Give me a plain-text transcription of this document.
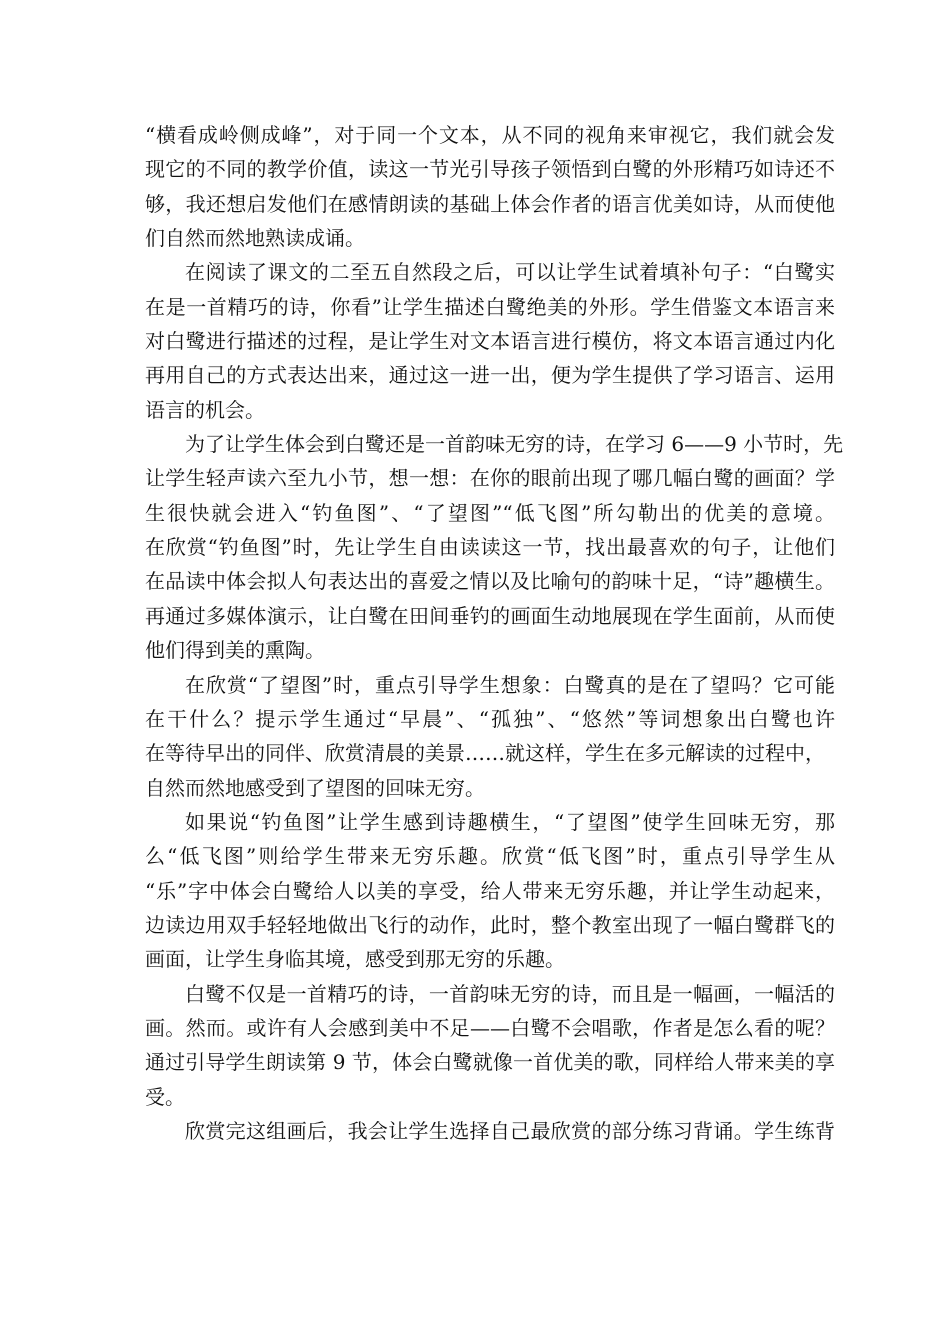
“横看成岭侧成峰”，对于同一个文本，从不同的视角来审视它，我们就会发
现它的不同的教学价值，读这一节光引导孩子领悟到白鹭的外形精巧如诗还不
够，我还想启发他们在感情朗读的基础上体会作者的语言优美如诗，从而使他
们自然而然地熟读成诵。
在阅读了课文的二至五自然段之后，可以让学生试着填补句子：“白鹭实
在是一首精巧的诗，你看”让学生描述白鹭绝美的外形。学生借鉴文本语言来
对白鹭进行描述的过程，是让学生对文本语言进行模仿，将文本语言通过内化
再用自己的方式表达出来，通过这一进一出，便为学生提供了学习语言、运用
语言的机会。
为了让学生体会到白鹭还是一首韵味无穷的诗，在学习 6——9 小节时，先
让学生轻声读六至九小节，想一想：在你的眼前出现了哪几幅白鹭的画面？学
生很快就会进入“钓鱼图”、“了望图”“低飞图”所勾勒出的优美的意境。
在欣赏“钓鱼图”时，先让学生自由读读这一节，找出最喜欢的句子，让他们
在品读中体会拟人句表达出的喜爱之情以及比喻句的韵味十足，“诗”趣横生。
再通过多媒体演示，让白鹭在田间垂钓的画面生动地展现在学生面前，从而使
他们得到美的熏陶。
在欣赏“了望图”时，重点引导学生想象：白鹭真的是在了望吗？它可能
在干什么？提示学生通过“早晨”、“孤独”、“悠然”等词想象出白鹭也许
在等待早出的同伴、欣赏清晨的美景……就这样，学生在多元解读的过程中，
自然而然地感受到了望图的回味无穷。
如果说“钓鱼图”让学生感到诗趣横生，“了望图”使学生回味无穷，那
么“低飞图”则给学生带来无穷乐趣。欣赏“低飞图”时，重点引导学生从
“乐”字中体会白鹭给人以美的享受，给人带来无穷乐趣，并让学生动起来，
边读边用双手轻轻地做出飞行的动作，此时，整个教室出现了一幅白鹭群飞的
画面，让学生身临其境，感受到那无穷的乐趣。
白鹭不仅是一首精巧的诗，一首韵味无穷的诗，而且是一幅画，一幅活的
画。然而。或许有人会感到美中不足——白鹭不会唱歌，作者是怎么看的呢？
通过引导学生朗读第 9 节，体会白鹭就像一首优美的歌，同样给人带来美的享
受。
欣赏完这组画后，我会让学生选择自己最欣赏的部分练习背诵。学生练背
